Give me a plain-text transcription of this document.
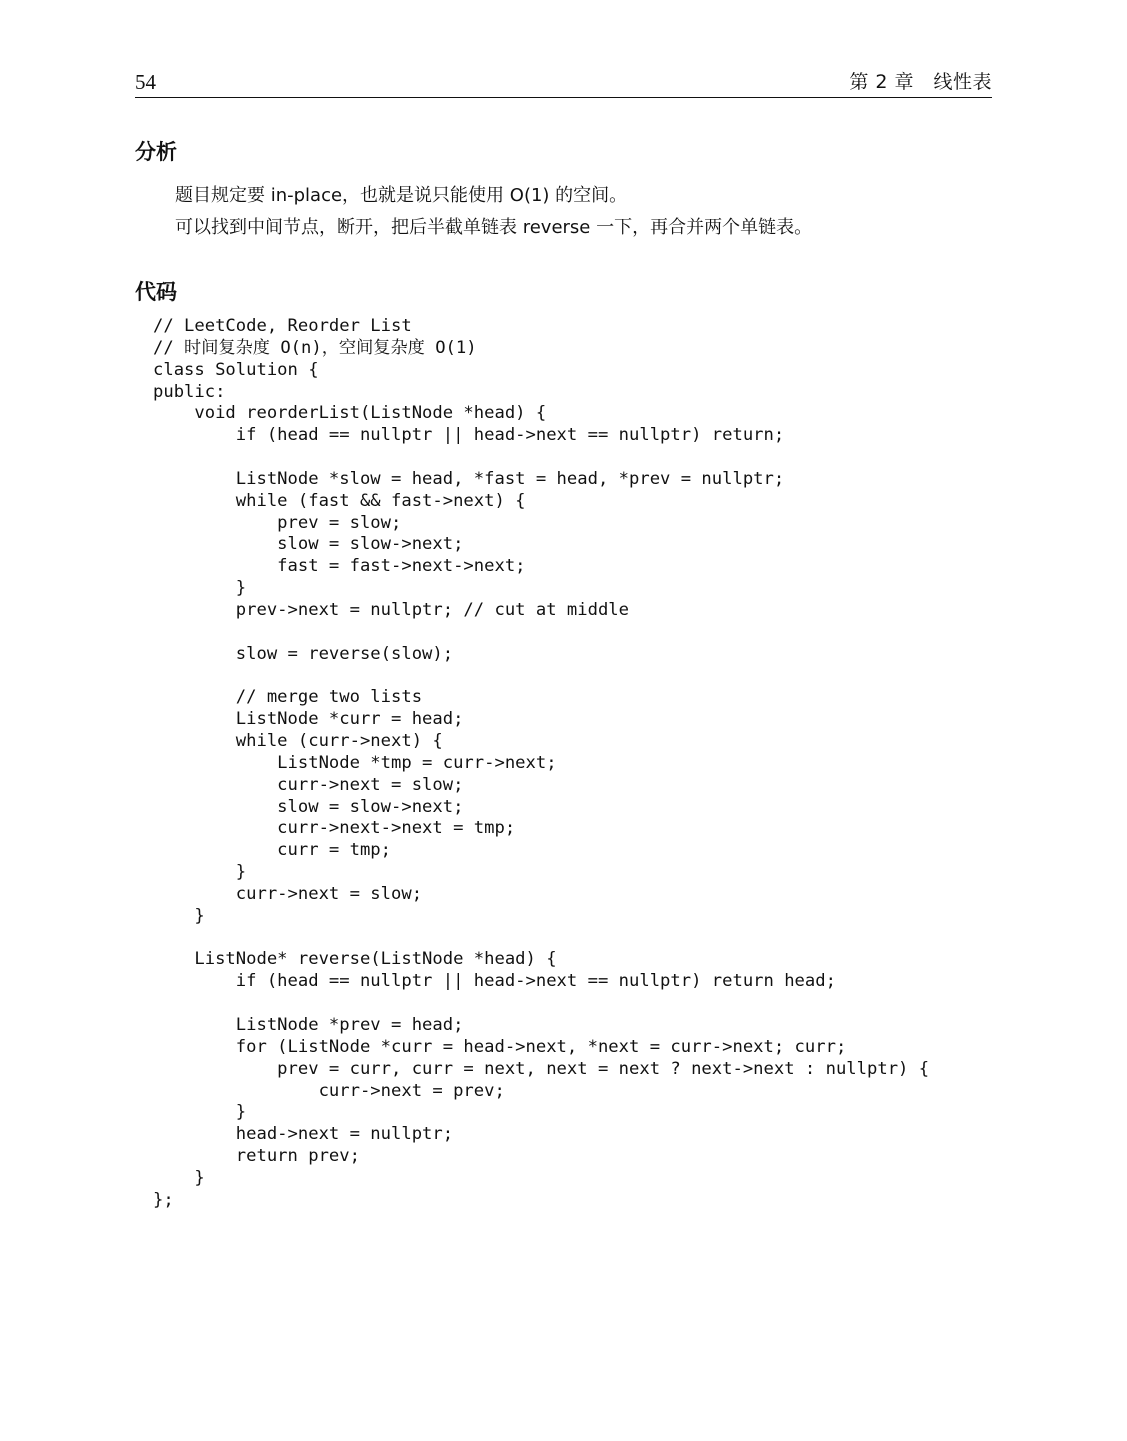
54	第 2 章　线性表
分析

题目规定要 in-place，也就是说只能使用 O(1) 的空间。

可以找到中间节点，断开，把后半截单链表 reverse 一下，再合并两个单链表。

代码
// LeetCode, Reorder List
// 时间复杂度 O(n)，空间复杂度 O(1)
class Solution {
public:
void reorderList(ListNode *head) {
if (head == nullptr || head->next == nullptr) return;
ListNode *slow = head, *fast = head, *prev = nullptr;
while (fast && fast->next) {
prev = slow;
slow = slow->next;
fast = fast->next->next;
}
prev->next = nullptr; // cut at middle
slow = reverse(slow);
// merge two lists
ListNode *curr = head;
while (curr->next) {
ListNode *tmp = curr->next;
curr->next = slow;
slow = slow->next;
curr->next->next = tmp;
curr = tmp;
}
curr->next = slow;
}
ListNode* reverse(ListNode *head) {
if (head == nullptr || head->next == nullptr) return head;
ListNode *prev = head;
for (ListNode *curr = head->next, *next = curr->next; curr;
prev = curr, curr = next, next = next ? next->next : nullptr) {
curr->next = prev;
}
head->next = nullptr;
return prev;
}
};
